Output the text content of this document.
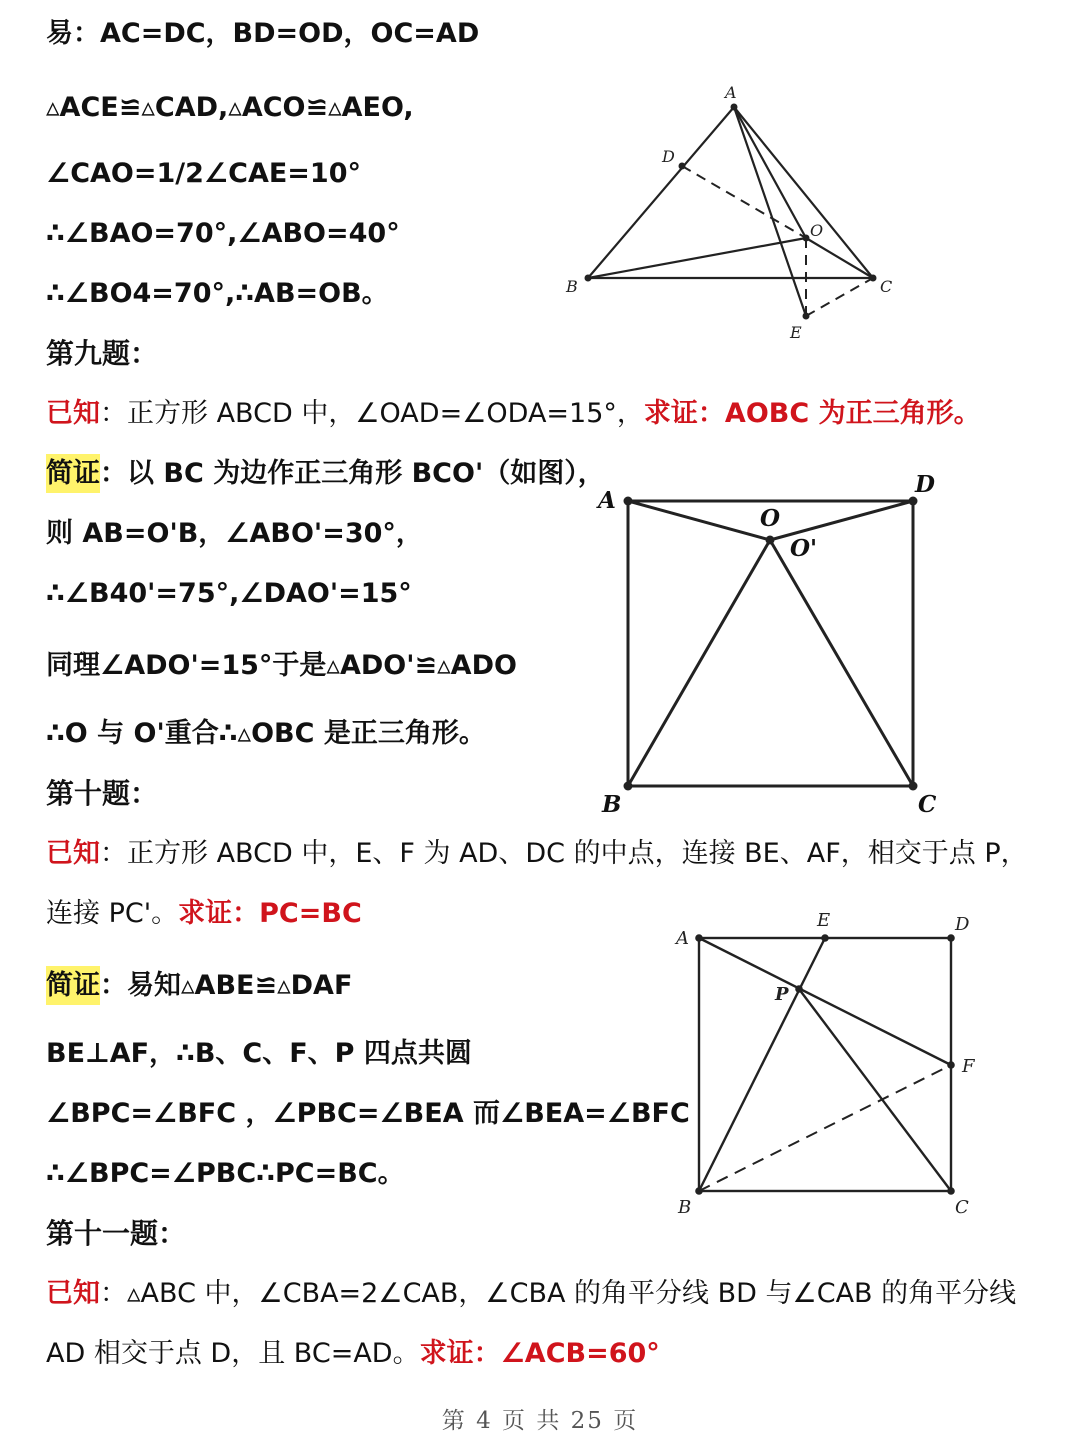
易：AC=DC，BD=OD，OC=AD

▵ACE≌▵CAD,▵ACO≌▵AEO,

∠CAO=1/2∠CAE=10°

∴∠BAO=70°,∠ABO=40°

∴∠BO4=70°,∴AB=OB。

第九题：

已知：正方形 ABCD 中，∠OAD=∠ODA=15°，求证：AOBC 为正三角形。

简证：以 BC 为边作正三角形 BCO'（如图），

则 AB=O'B，∠ABO'=30°，

∴∠B40'=75°,∠DAO'=15°

同理∠ADO'=15°于是▵ADO'≌▵ADO

∴O 与 O'重合∴▵OBC 是正三角形。

第十题：

已知：正方形 ABCD 中，E、F 为 AD、DC 的中点，连接 BE、AF，相交于点 P，

连接 PC'。求证：PC=BC

简证：易知▵ABE≌▵DAF

BE⊥AF，∴B、C、F、P 四点共圆

∠BPC=∠BFC ，∠PBC=∠BEA 而∠BEA=∠BFC

∴∠BPC=∠PBC∴PC=BC。

第十一题：

已知：▵ABC 中，∠CBA=2∠CAB，∠CBA 的角平分线 BD 与∠CAB 的角平分线

AD 相交于点 D，且 BC=AD。求证：∠ACB=60°

A
B	C
D
O
E
A
B	C
D
O
O'
A
B	C
D
E
F
P
第 4 页 共 25 页
